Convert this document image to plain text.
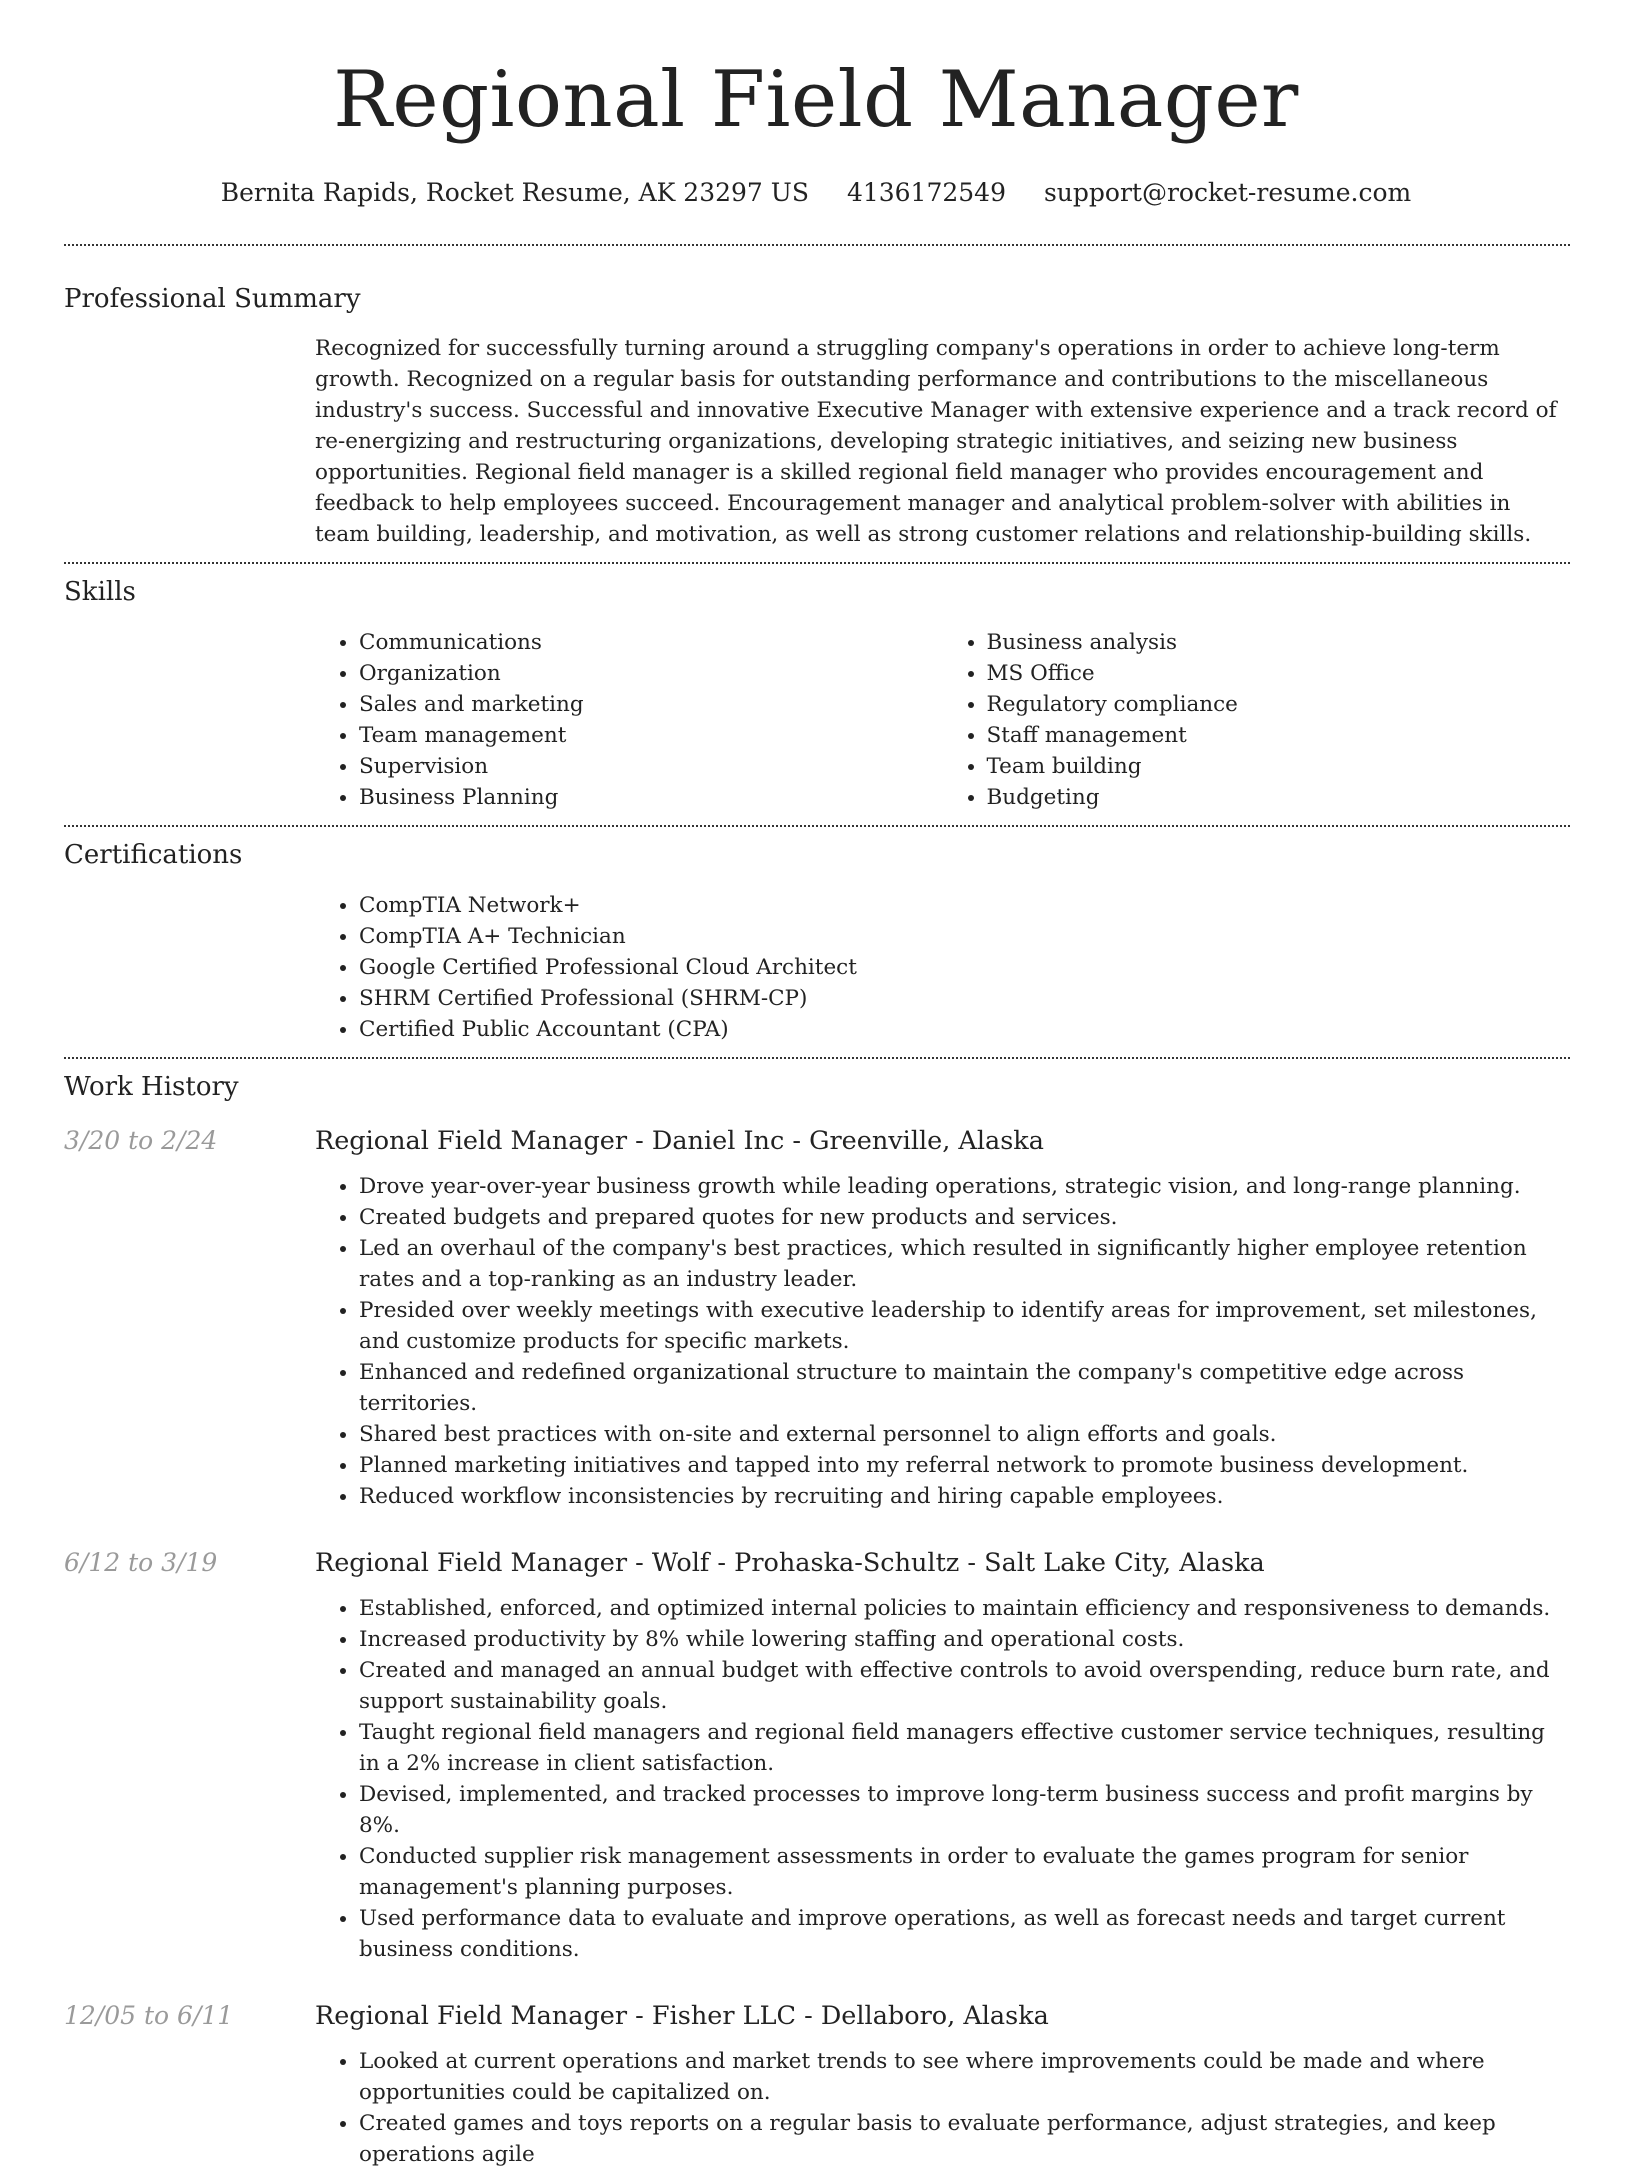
Regional Field Manager
Bernita Rapids, Rocket Resume, AK 23297 US 4136172549 support@rocket-resume.com
Professional Summary

Recognized for successfully turning around a struggling company's operations in order to achieve long-term growth. Recognized on a regular basis for outstanding performance and contributions to the miscellaneous industry's success. Successful and innovative Executive Manager with extensive experience and a track record of re-energizing and restructuring organizations, developing strategic initiatives, and seizing new business opportunities. Regional field manager is a skilled regional field manager who provides encouragement and feedback to help employees succeed. Encouragement manager and analytical problem-solver with abilities in team building, leadership, and motivation, as well as strong customer relations and relationship-building skills.

Skills
• Communications
• Organization
• Sales and marketing
• Team management
• Supervision
• Business Planning
• Business analysis
• MS Office
• Regulatory compliance
• Staff management
• Team building
• Budgeting
Certifications
• CompTIA Network+
• CompTIA A+ Technician
• Google Certified Professional Cloud Architect
• SHRM Certified Professional (SHRM-CP)
• Certified Public Accountant (CPA)
Work History
3/20 to 2/24	Regional Field Manager - Daniel Inc - Greenville, Alaska
• Drove year-over-year business growth while leading operations, strategic vision, and long-range planning.
• Created budgets and prepared quotes for new products and services.
• Led an overhaul of the company's best practices, which resulted in significantly higher employee retention rates and a top-ranking as an industry leader.
• Presided over weekly meetings with executive leadership to identify areas for improvement, set milestones, and customize products for specific markets.
• Enhanced and redefined organizational structure to maintain the company's competitive edge across territories.
• Shared best practices with on-site and external personnel to align efforts and goals.
• Planned marketing initiatives and tapped into my referral network to promote business development.
• Reduced workflow inconsistencies by recruiting and hiring capable employees.
6/12 to 3/19	Regional Field Manager - Wolf - Prohaska-Schultz - Salt Lake City, Alaska
• Established, enforced, and optimized internal policies to maintain efficiency and responsiveness to demands.
• Increased productivity by 8% while lowering staffing and operational costs.
• Created and managed an annual budget with effective controls to avoid overspending, reduce burn rate, and support sustainability goals.
• Taught regional field managers and regional field managers effective customer service techniques, resulting in a 2% increase in client satisfaction.
• Devised, implemented, and tracked processes to improve long-term business success and profit margins by 8%.
• Conducted supplier risk management assessments in order to evaluate the games program for senior management's planning purposes.
• Used performance data to evaluate and improve operations, as well as forecast needs and target current business conditions.
12/05 to 6/11	Regional Field Manager - Fisher LLC - Dellaboro, Alaska
• Looked at current operations and market trends to see where improvements could be made and where opportunities could be capitalized on.
• Created games and toys reports on a regular basis to evaluate performance, adjust strategies, and keep operations agile
